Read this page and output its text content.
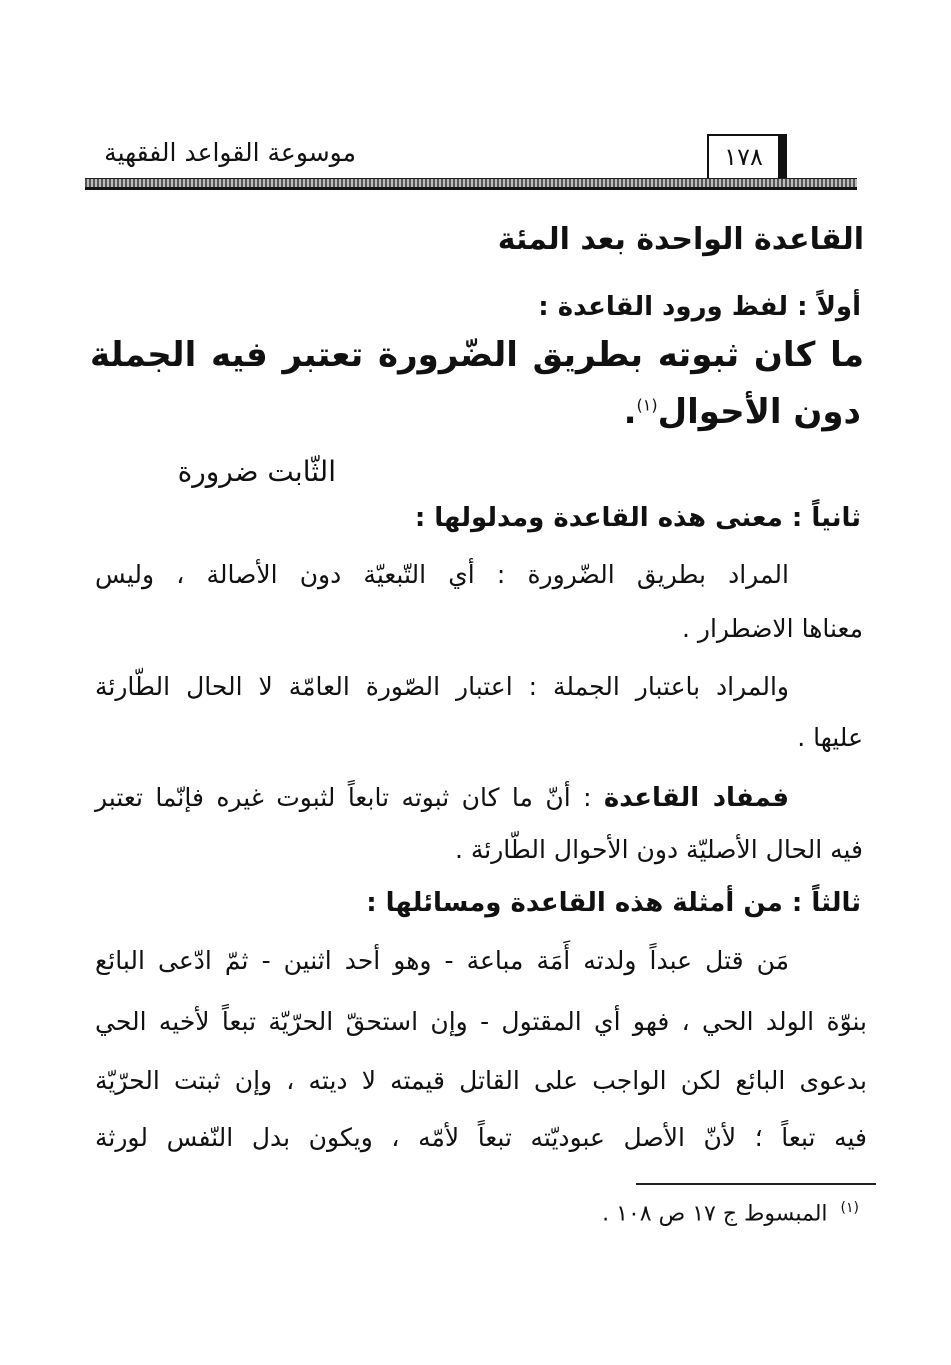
موسوعة القواعد الفقهية	١٧٨
القاعدة الواحدة بعد المئة
أولاً : لفظ ورود القاعدة :
ما كان ثبوته بطريق الضّرورة تعتبر فيه الجملة
دون الأحوال$^{(١)}$.
الثّابت ضرورة
ثانياً : معنى هذه القاعدة ومدلولها :
المراد بطريق الضّرورة : أي التّبعيّة دون الأصالة ، وليس
معناها الاضطرار .
والمراد باعتبار الجملة : اعتبار الصّورة العامّة لا الحال الطّارئة
عليها .
فمفاد القاعدة : أنّ ما كان ثبوته تابعاً لثبوت غيره فإنّما تعتبر
فيه الحال الأصليّة دون الأحوال الطّارئة .
ثالثاً : من أمثلة هذه القاعدة ومسائلها :
مَن قتل عبداً ولدته أَمَة مباعة - وهو أحد اثنين - ثمّ ادّعى البائع
بنوّة الولد الحي ، فهو أي المقتول - وإن استحقّ الحرّيّة تبعاً لأخيه الحي
بدعوى البائع لكن الواجب على القاتل قيمته لا ديته ، وإن ثبتت الحرّيّة
فيه تبعاً ؛ لأنّ الأصل عبوديّته تبعاً لأمّه ، ويكون بدل النّفس لورثة
$^{(١)}$ المبسوط ج ١٧ ص ١٠٨ .
